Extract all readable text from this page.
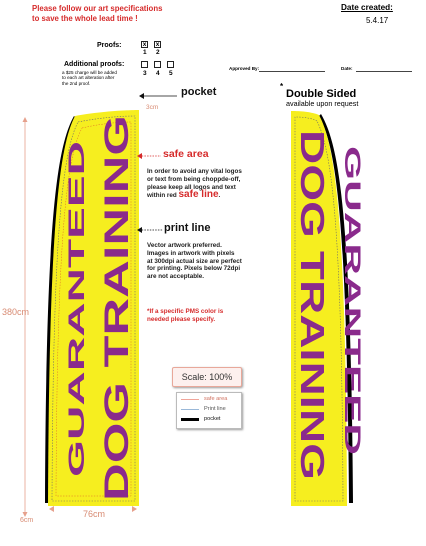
Please follow our art specifications
to save the whole lead time !
Date created:
5.4.17
Proofs:	x x
1 2
Additional proofs:
a $25 charge will be added
to each art alteration after
the 2nd proof.
3 4 5
Approved By:	Date:
380cm
6cm
76cm
GUARANTEED DOG TRAINING
3cm
pocket
safe area
In order to avoid any vital logos
or text from being choppde-off,
please keep all logos and text
within red safe line.
print line
Vector artwork preferred.
Images in artwork with pixels
at 300dpi actual size are perfect
for printing. Pixels below 72dpi
are not acceptable.
*If a specific PMS color is
needed please specify.
Scale: 100%
safe area
Print line
pocket
*
Double Sided
available upon request
GUARANTEED
DOG TRAINING
